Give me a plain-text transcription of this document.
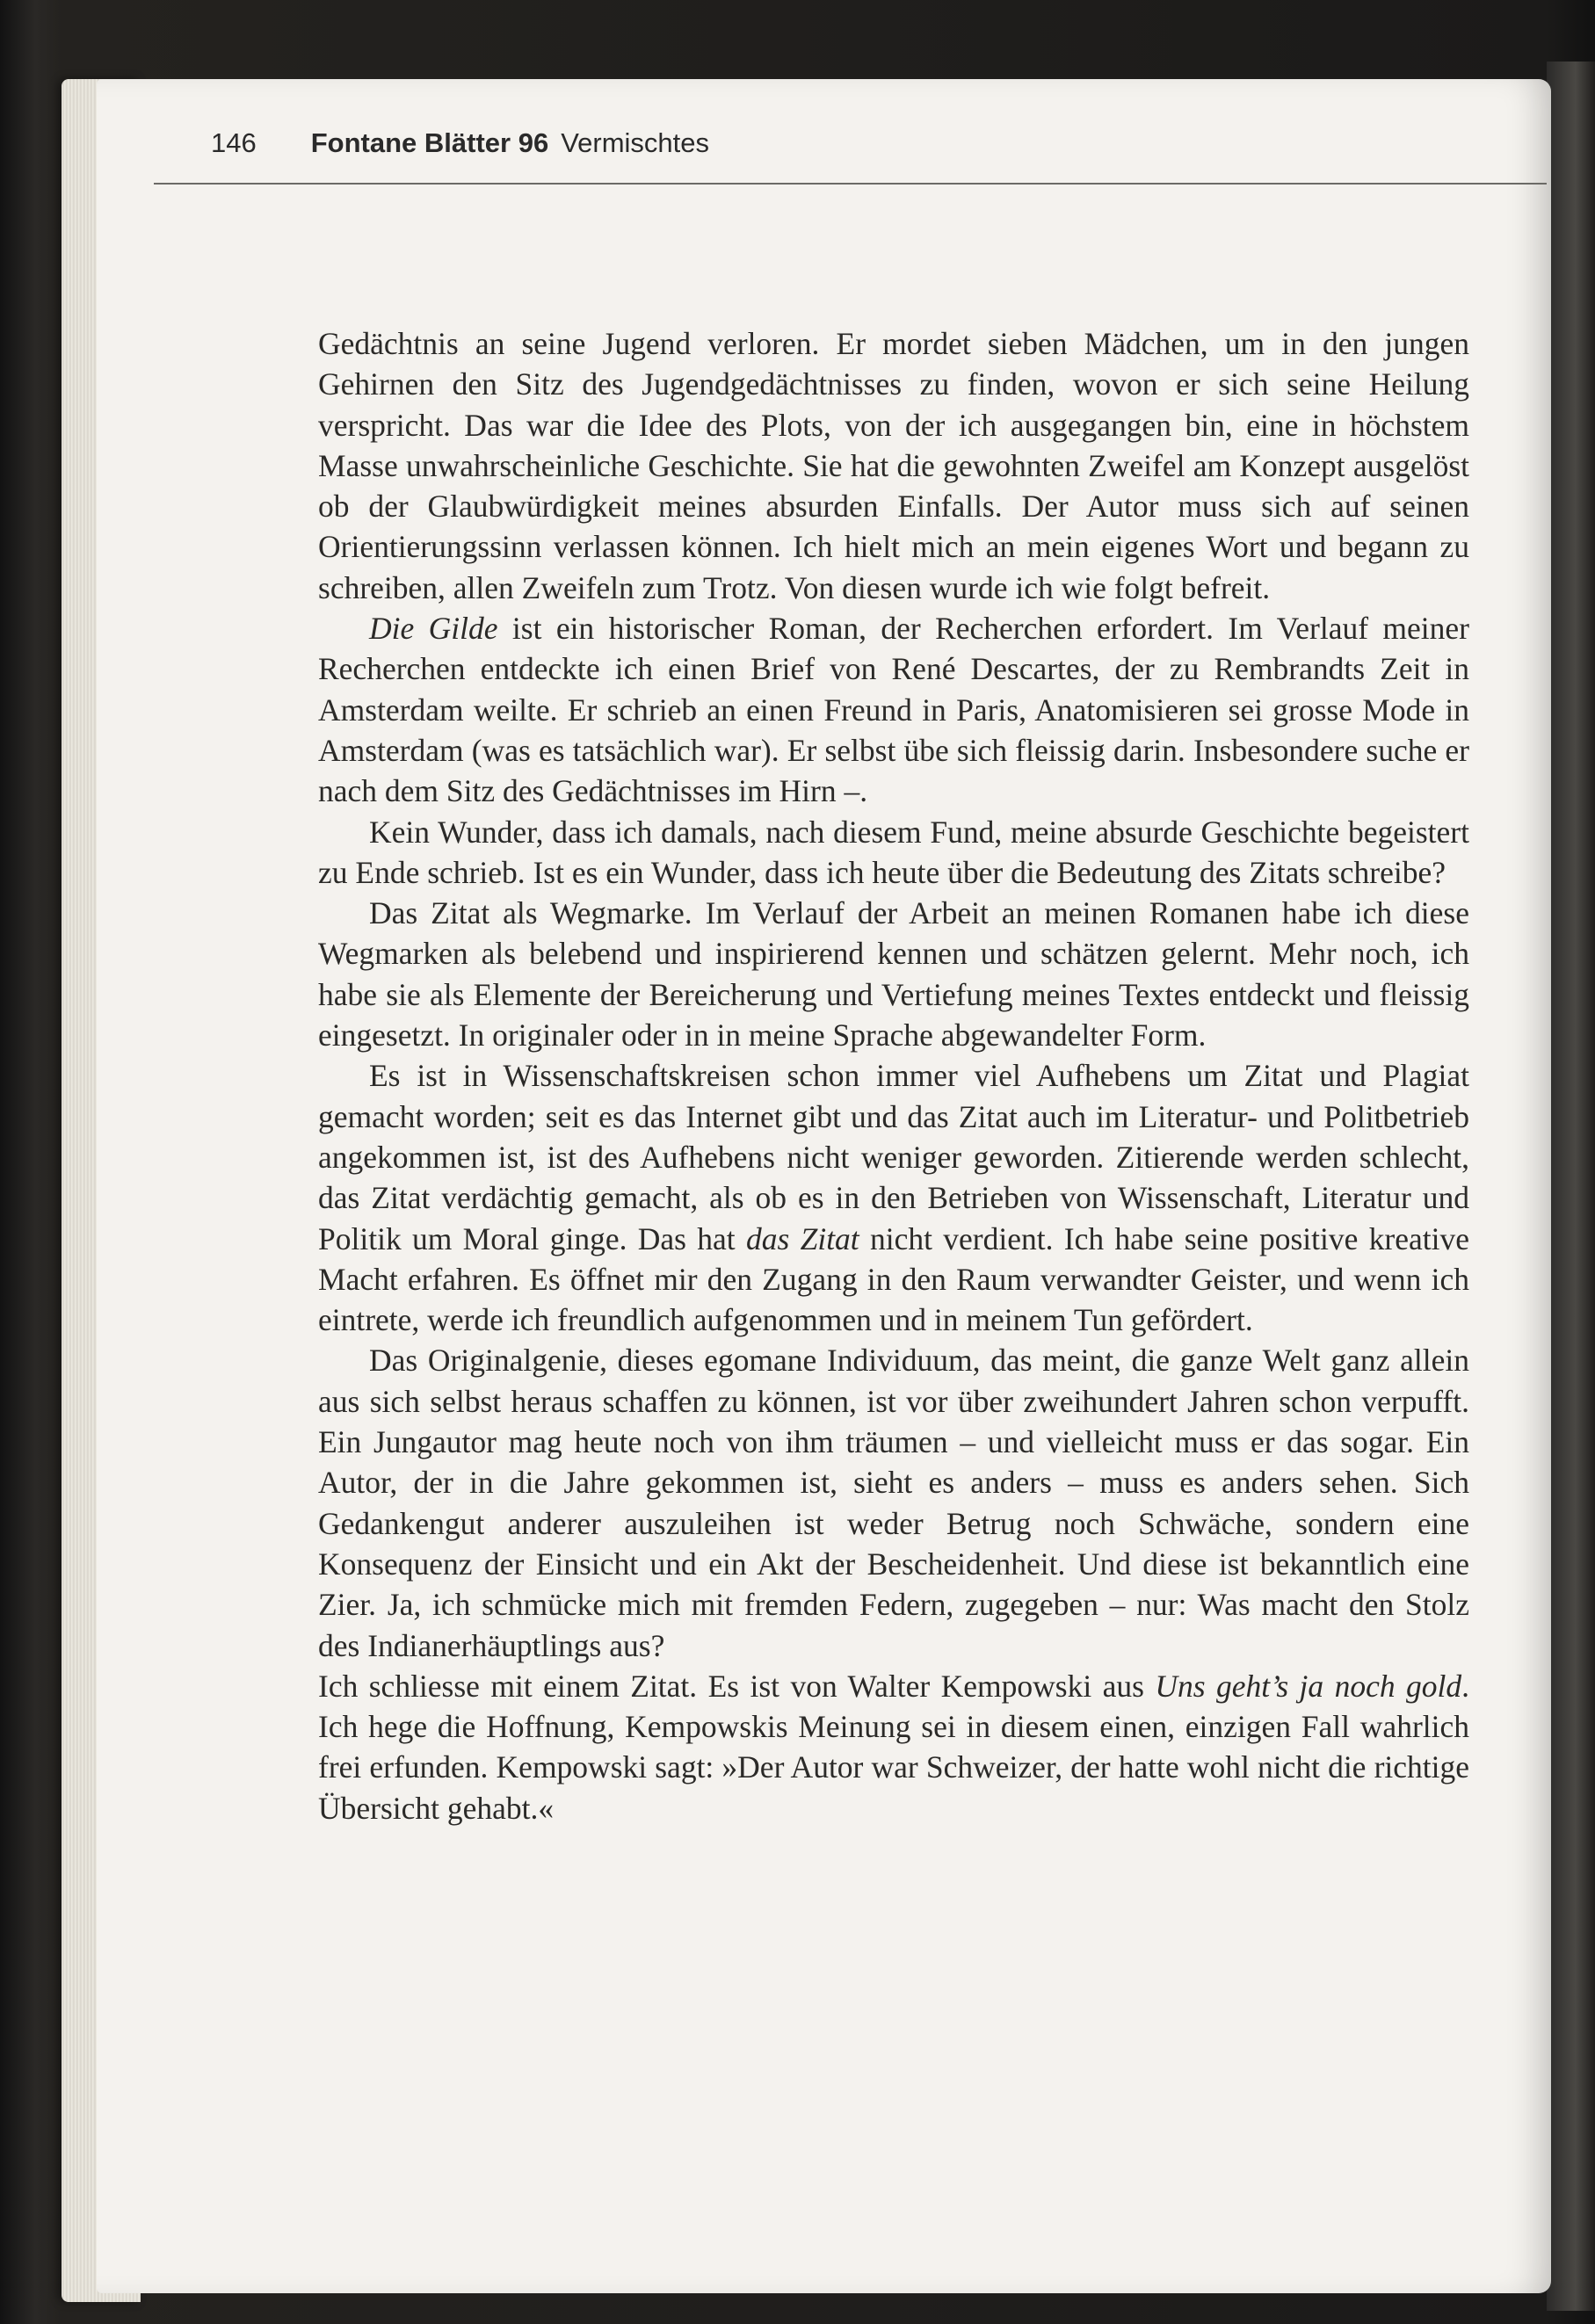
146 Fontane Blätter 96 Vermischtes

Gedächtnis an seine Jugend verloren. Er mordet sieben Mädchen, um in den jungen Gehirnen den Sitz des Jugendgedächtnisses zu finden, wovon er sich seine Heilung verspricht. Das war die Idee des Plots, von der ich ausgegangen bin, eine in höchstem Masse unwahrscheinliche Geschichte. Sie hat die gewohnten Zweifel am Konzept ausgelöst ob der Glaubwürdigkeit meines absurden Einfalls. Der Autor muss sich auf seinen Orientierungssinn verlassen können. Ich hielt mich an mein eigenes Wort und begann zu schreiben, allen Zweifeln zum Trotz. Von diesen wurde ich wie folgt befreit.

Die Gilde ist ein historischer Roman, der Recherchen erfordert. Im Verlauf meiner Recherchen entdeckte ich einen Brief von René Descartes, der zu Rembrandts Zeit in Amsterdam weilte. Er schrieb an einen Freund in Paris, Anatomisieren sei grosse Mode in Amsterdam (was es tatsächlich war). Er selbst übe sich fleissig darin. Insbesondere suche er nach dem Sitz des Gedächtnisses im Hirn –.

Kein Wunder, dass ich damals, nach diesem Fund, meine absurde Geschichte begeistert zu Ende schrieb. Ist es ein Wunder, dass ich heute über die Bedeutung des Zitats schreibe?

Das Zitat als Wegmarke. Im Verlauf der Arbeit an meinen Romanen habe ich diese Wegmarken als belebend und inspirierend kennen und schätzen gelernt. Mehr noch, ich habe sie als Elemente der Bereicherung und Vertiefung meines Textes entdeckt und fleissig eingesetzt. In originaler oder in in meine Sprache abgewandelter Form.

Es ist in Wissenschaftskreisen schon immer viel Aufhebens um Zitat und Plagiat gemacht worden; seit es das Internet gibt und das Zitat auch im Literatur- und Politbetrieb angekommen ist, ist des Aufhebens nicht weniger geworden. Zitierende werden schlecht, das Zitat verdächtig gemacht, als ob es in den Betrieben von Wissenschaft, Literatur und Politik um Moral ginge. Das hat das Zitat nicht verdient. Ich habe seine positive kreative Macht erfahren. Es öffnet mir den Zugang in den Raum verwandter Geister, und wenn ich eintrete, werde ich freundlich aufgenommen und in meinem Tun gefördert.

Das Originalgenie, dieses egomane Individuum, das meint, die ganze Welt ganz allein aus sich selbst heraus schaffen zu können, ist vor über zweihundert Jahren schon verpufft. Ein Jungautor mag heute noch von ihm träumen – und vielleicht muss er das sogar. Ein Autor, der in die Jahre gekommen ist, sieht es anders – muss es anders sehen. Sich Gedankengut anderer auszuleihen ist weder Betrug noch Schwäche, sondern eine Konsequenz der Einsicht und ein Akt der Bescheidenheit. Und diese ist bekanntlich eine Zier. Ja, ich schmücke mich mit fremden Federn, zugegeben – nur: Was macht den Stolz des Indianerhäuptlings aus?

Ich schliesse mit einem Zitat. Es ist von Walter Kempowski aus Uns geht’s ja noch gold. Ich hege die Hoffnung, Kempowskis Meinung sei in diesem einen, einzigen Fall wahrlich frei erfunden. Kempowski sagt: »Der Autor war Schweizer, der hatte wohl nicht die richtige Übersicht gehabt.«
